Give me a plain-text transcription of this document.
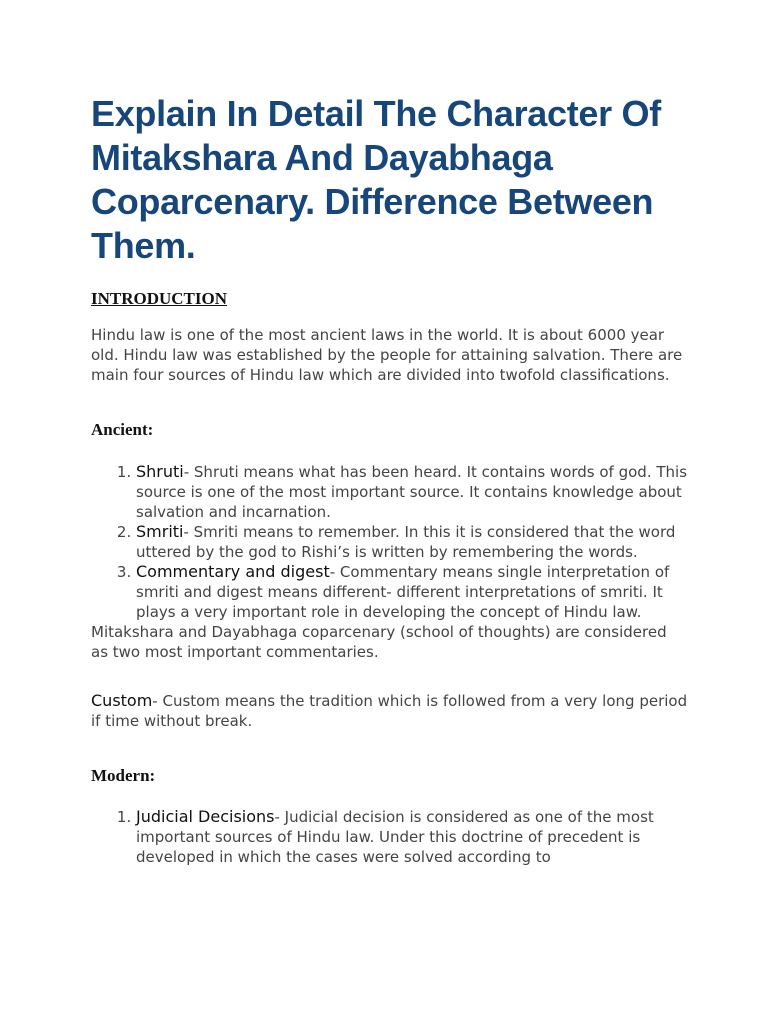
Explain In Detail The Character Of Mitakshara And Dayabhaga Coparcenary. Difference Between Them.
INTRODUCTION

Hindu law is one of the most ancient laws in the world. It is about 6000 year old. Hindu law was established by the people for attaining salvation. There are main four sources of Hindu law which are divided into twofold classifications.

Ancient:
1. Shruti- Shruti means what has been heard. It contains words of god. This source is one of the most important source. It contains knowledge about salvation and incarnation.
2. Smriti- Smriti means to remember. In this it is considered that the word uttered by the god to Rishi’s is written by remembering the words.
3. Commentary and digest- Commentary means single interpretation of smriti and digest means different- different interpretations of smriti. It plays a very important role in developing the concept of Hindu law.

Mitakshara and Dayabhaga coparcenary (school of thoughts) are considered as two most important commentaries.

Custom- Custom means the tradition which is followed from a very long period if time without break.

Modern:
1. Judicial Decisions- Judicial decision is considered as one of the most important sources of Hindu law. Under this doctrine of precedent is developed in which the cases were solved according to
